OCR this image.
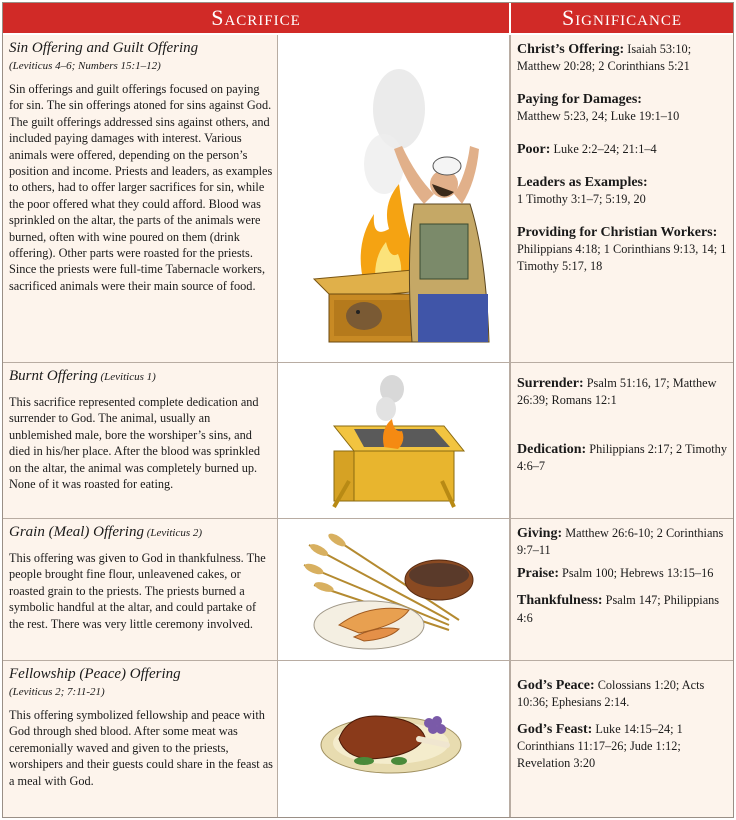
Sacrifice	Significance
Sin Offering and Guilt Offering
(Leviticus 4–6; Numbers 15:1–12)
Sin offerings and guilt offerings focused on paying for sin. The sin offerings atoned for sins against God. The guilt offerings addressed sins against others, and included paying damages with interest. Various animals were offered, depending on the person’s position and income. Priests and leaders, as examples to others, had to offer larger sacrifices for sin, while the poor offered what they could afford. Blood was sprinkled on the altar, the parts of the animals were burned, often with wine poured on them (drink offering). Other parts were roasted for the priests. Since the priests were full-time Tabernacle workers, sacrificed animals were their main source of food.
Christ’s Offering: Isaiah 53:10; Matthew 20:28; 2 Corinthians 5:21
Paying for Damages:
Matthew 5:23, 24; Luke 19:1–10
Poor: Luke 2:2–24; 21:1–4
Leaders as Examples:
1 Timothy 3:1–7; 5:19, 20
Providing for Christian Workers: Philippians 4:18; 1 Corinthians 9:13, 14; 1 Timothy 5:17, 18
Burnt Offering (Leviticus 1)
This sacrifice represented complete dedication and surrender to God. The animal, usually an unblemished male, bore the worshiper’s sins, and died in his/her place. After the blood was sprinkled on the altar, the animal was completely burned up. None of it was roasted for eating.
Surrender: Psalm 51:16, 17; Matthew 26:39; Romans 12:1
Dedication: Philippians 2:17; 2 Timothy 4:6–7
Grain (Meal) Offering (Leviticus 2)
This offering was given to God in thankfulness. The people brought fine flour, unleavened cakes, or roasted grain to the priests. The priests burned a symbolic handful at the altar, and could partake of the rest. There was very little ceremony involved.
Giving: Matthew 26:6-10; 2 Corinthians 9:7–11
Praise: Psalm 100; Hebrews 13:15–16
Thankfulness: Psalm 147; Philippians 4:6
Fellowship (Peace) Offering
(Leviticus 2; 7:11-21)
This offering symbolized fellowship and peace with God through shed blood. After some meat was ceremonially waved and given to the priests, worshipers and their guests could share in the feast as a meal with God.
God’s Peace: Colossians 1:20; Acts 10:36; Ephesians 2:14.
God’s Feast: Luke 14:15–24; 1 Corinthians 11:17–26; Jude 1:12; Revelation 3:20
